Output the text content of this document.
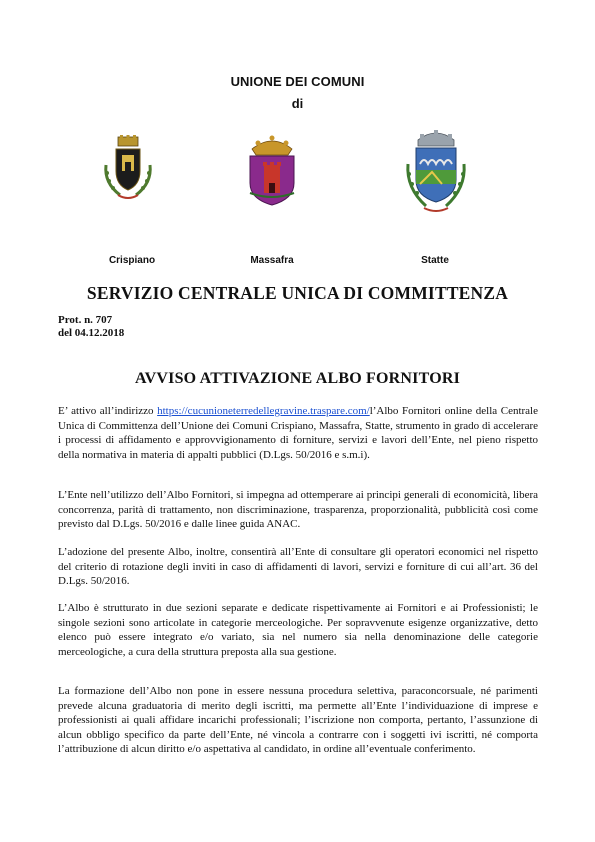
UNIONE DEI COMUNI
di
Crispiano	Massafra	Statte
SERVIZIO CENTRALE UNICA DI COMMITTENZA
Prot. n. 707
del 04.12.2018
AVVISO ATTIVAZIONE ALBO FORNITORI

E’ attivo all’indirizzo https://cucunioneterredellegravine.traspare.com/l’Albo Fornitori online della Centrale Unica di Committenza dell’Unione dei Comuni Crispiano, Massafra, Statte, strumento in grado di accelerare i processi di affidamento e approvvigionamento di forniture, servizi e lavori dell’Ente, nel pieno rispetto della normativa in materia di appalti pubblici (D.Lgs. 50/2016 e s.m.i).

L’Ente nell’utilizzo dell’Albo Fornitori, si impegna ad ottemperare ai principi generali di economicità, libera concorrenza, parità di trattamento, non discriminazione, trasparenza, proporzionalità, pubblicità così come previsto dal D.Lgs. 50/2016 e dalle linee guida ANAC.

L’adozione del presente Albo, inoltre, consentirà all’Ente di consultare gli operatori economici nel rispetto del criterio di rotazione degli inviti in caso di affidamenti di lavori, servizi e forniture di cui all’art. 36 del D.Lgs. 50/2016.

L’Albo è strutturato in due sezioni separate e dedicate rispettivamente ai Fornitori e ai Professionisti; le singole sezioni sono articolate in categorie merceologiche. Per sopravvenute esigenze organizzative, detto elenco può essere integrato e/o variato, sia nel numero sia nella denominazione delle categorie merceologiche, a cura della struttura preposta alla sua gestione.

La formazione dell’Albo non pone in essere nessuna procedura selettiva, paraconcorsuale, né parimenti prevede alcuna graduatoria di merito degli iscritti, ma permette all’Ente l’individuazione di imprese e professionisti ai quali affidare incarichi professionali; l’iscrizione non comporta, pertanto, l’assunzione di alcun obbligo specifico da parte dell’Ente, né vincola a contrarre con i soggetti ivi iscritti, né comporta l’attribuzione di alcun diritto e/o aspettativa al candidato, in ordine all’eventuale conferimento.
